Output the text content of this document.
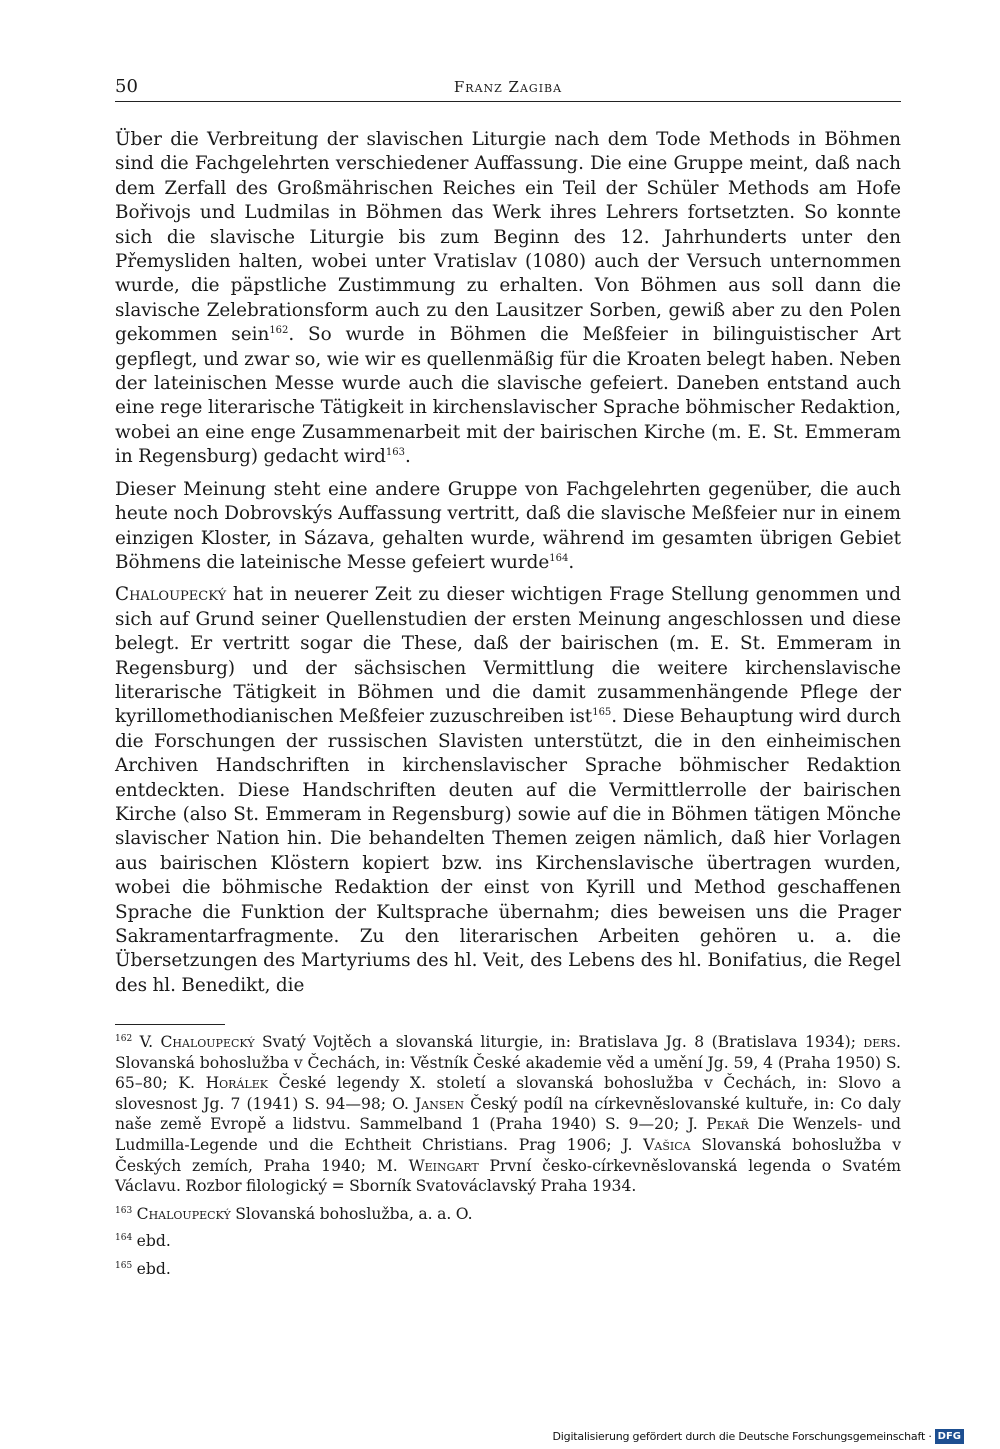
50	Franz Zagiba

Über die Verbreitung der slavischen Liturgie nach dem Tode Methods in Böhmen sind die Fachgelehrten verschiedener Auffassung. Die eine Gruppe meint, daß nach dem Zerfall des Großmährischen Reiches ein Teil der Schüler Methods am Hofe Bořivojs und Ludmilas in Böhmen das Werk ihres Lehrers fortsetzten. So konnte sich die slavische Liturgie bis zum Beginn des 12. Jahrhunderts unter den Přemysliden halten, wobei unter Vratislav (1080) auch der Versuch unternommen wurde, die päpstliche Zustimmung zu erhalten. Von Böhmen aus soll dann die slavische Zelebrationsform auch zu den Lausitzer Sorben, gewiß aber zu den Polen gekommen sein$^{162}$. So wurde in Böhmen die Meßfeier in bilinguistischer Art gepflegt, und zwar so, wie wir es quellenmäßig für die Kroaten belegt haben. Neben der lateinischen Messe wurde auch die slavische gefeiert. Daneben entstand auch eine rege literarische Tätigkeit in kirchenslavischer Sprache böhmischer Redaktion, wobei an eine enge Zusammenarbeit mit der bairischen Kirche (m. E. St. Emmeram in Regensburg) gedacht wird$^{163}$.

Dieser Meinung steht eine andere Gruppe von Fachgelehrten gegenüber, die auch heute noch Dobrovskýs Auffassung vertritt, daß die slavische Meßfeier nur in einem einzigen Kloster, in Sázava, gehalten wurde, während im gesamten übrigen Gebiet Böhmens die lateinische Messe gefeiert wurde$^{164}$.

Chaloupecký hat in neuerer Zeit zu dieser wichtigen Frage Stellung genommen und sich auf Grund seiner Quellenstudien der ersten Meinung angeschlossen und diese belegt. Er vertritt sogar die These, daß der bairischen (m. E. St. Emmeram in Regensburg) und der sächsischen Vermittlung die weitere kirchenslavische literarische Tätigkeit in Böhmen und die damit zusammenhängende Pflege der kyrillomethodianischen Meßfeier zuzuschreiben ist$^{165}$. Diese Behauptung wird durch die Forschungen der russischen Slavisten unterstützt, die in den einheimischen Archiven Handschriften in kirchenslavischer Sprache böhmischer Redaktion entdeckten. Diese Handschriften deuten auf die Vermittlerrolle der bairischen Kirche (also St. Emmeram in Regensburg) sowie auf die in Böhmen tätigen Mönche slavischer Nation hin. Die behandelten Themen zeigen nämlich, daß hier Vorlagen aus bairischen Klöstern kopiert bzw. ins Kirchenslavische übertragen wurden, wobei die böhmische Redaktion der einst von Kyrill und Method geschaffenen Sprache die Funktion der Kultsprache übernahm; dies beweisen uns die Prager Sakramentarfragmente. Zu den literarischen Arbeiten gehören u. a. die Übersetzungen des Martyriums des hl. Veit, des Lebens des hl. Bonifatius, die Regel des hl. Benedikt, die

$^{162}$ V. Chaloupecký Svatý Vojtěch a slovanská liturgie, in: Bratislava Jg. 8 (Bratislava 1934); ders. Slovanská bohoslužba v Čechách, in: Věstník České akademie věd a umění Jg. 59, 4 (Praha 1950) S. 65–80; K. Horálek České legendy X. století a slovanská bohoslužba v Čechách, in: Slovo a slovesnost Jg. 7 (1941) S. 94—98; O. Jansen Český podíl na církevněslovanské kultuře, in: Co daly naše země Evropě a lidstvu. Sammelband 1 (Praha 1940) S. 9—20; J. Pekař Die Wenzels- und Ludmilla-Legende und die Echtheit Christians. Prag 1906; J. Vašica Slovanská bohoslužba v Českých zemích, Praha 1940; M. Weingart První česko-církevněslovanská legenda o Svatém Václavu. Rozbor filologický = Sborník Svatováclavský Praha 1934.

$^{163}$ Chaloupecký Slovanská bohoslužba, a. a. O.

$^{164}$ ebd.

$^{165}$ ebd.

Digitalisierung gefördert durch die Deutsche Forschungsgemeinschaft · DFG
